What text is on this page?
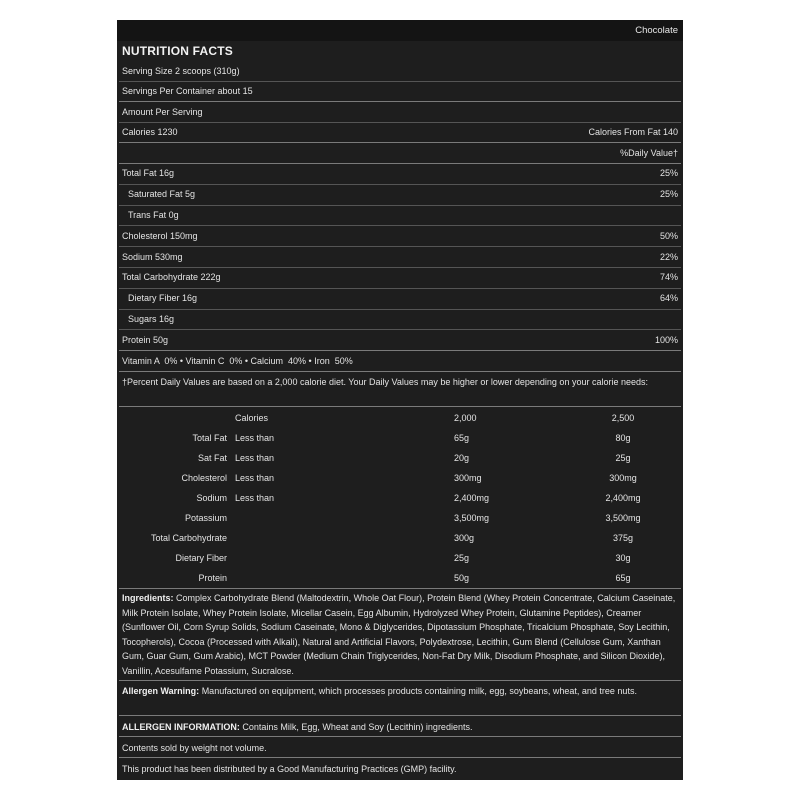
Chocolate
NUTRITION FACTS
Serving Size 2 scoops (310g)
Servings Per Container about 15
Amount Per Serving
Calories 1230	Calories From Fat 140
%Daily Value†
Total Fat 16g	25%
Saturated Fat 5g	25%
Trans Fat 0g
Cholesterol 150mg	50%
Sodium 530mg	22%
Total Carbohydrate 222g	74%
Dietary Fiber 16g	64%
Sugars 16g
Protein 50g	100%
Vitamin A  0% • Vitamin C  0% • Calcium  40% • Iron  50%
†Percent Daily Values are based on a 2,000 calorie diet. Your Daily Values may be higher or lower depending on your calorie needs:
Calories	2,000	2,500
Total Fat Less than	65g	80g
Sat Fat Less than	20g	25g
Cholesterol Less than	300mg	300mg
Sodium Less than	2,400mg	2,400mg
Potassium	3,500mg	3,500mg
Total Carbohydrate	300g	375g
Dietary Fiber	25g	30g
Protein	50g	65g
Ingredients: Complex Carbohydrate Blend (Maltodextrin, Whole Oat Flour), Protein Blend (Whey Protein Concentrate, Calcium Caseinate, Milk Protein Isolate, Whey Protein Isolate, Micellar Casein, Egg Albumin, Hydrolyzed Whey Protein, Glutamine Peptides), Creamer (Sunflower Oil, Corn Syrup Solids, Sodium Caseinate, Mono & Diglycerides, Dipotassium Phosphate, Tricalcium Phosphate, Soy Lecithin, Tocopherols), Cocoa (Processed with Alkali), Natural and Artificial Flavors, Polydextrose, Lecithin, Gum Blend (Cellulose Gum, Xanthan Gum, Guar Gum, Gum Arabic), MCT Powder (Medium Chain Triglycerides, Non-Fat Dry Milk, Disodium Phosphate, and Silicon Dioxide), Vanillin, Acesulfame Potassium, Sucralose.
Allergen Warning: Manufactured on equipment, which processes products containing milk, egg, soybeans, wheat, and tree nuts.
ALLERGEN INFORMATION: Contains Milk, Egg, Wheat and Soy (Lecithin) ingredients.
Contents sold by weight not volume.
This product has been distributed by a Good Manufacturing Practices (GMP) facility.
